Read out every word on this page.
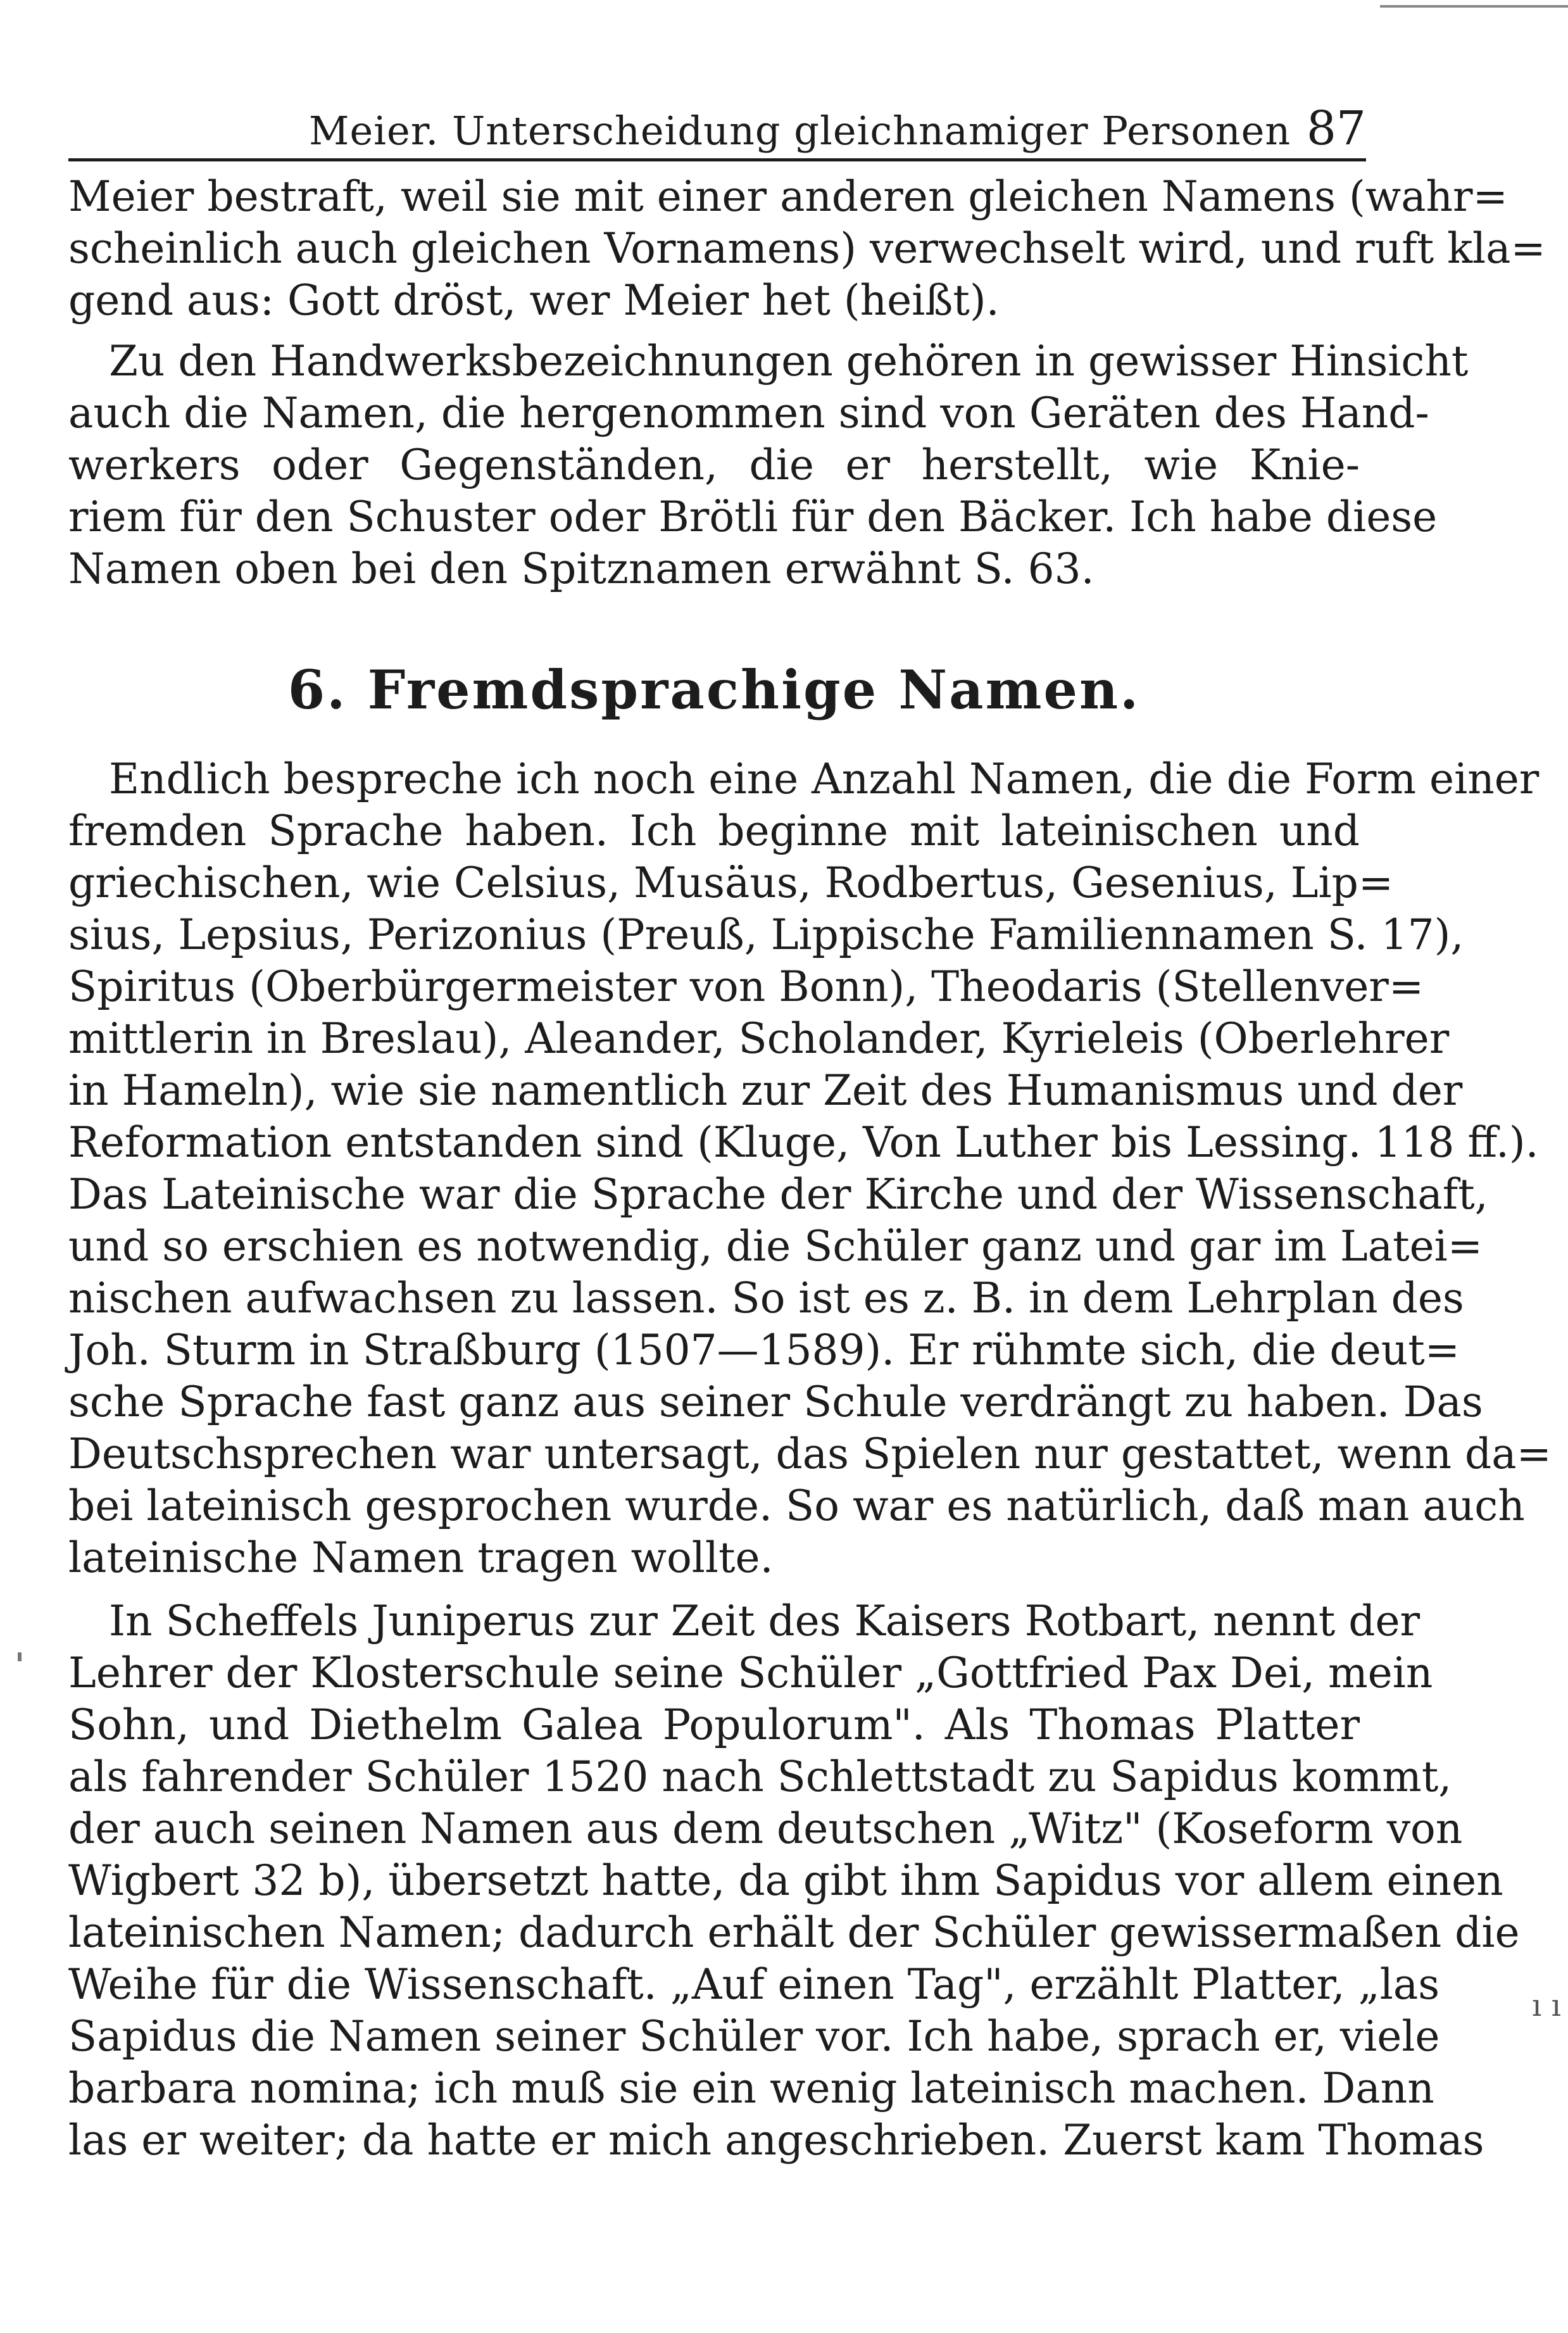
Meier. Unterscheidung gleichnamiger Personen 87
Meier bestraft, weil sie mit einer anderen gleichen Namens (wahr=
scheinlich auch gleichen Vornamens) verwechselt wird, und ruft kla=
gend aus: Gott dröst, wer Meier het (heißt).
Zu den Handwerksbezeichnungen gehören in gewisser Hinsicht
auch die Namen, die hergenommen sind von Geräten des Hand-
werkers oder Gegenständen, die er herstellt, wie Knie-
riem für den Schuster oder Brötli für den Bäcker. Ich habe diese
Namen oben bei den Spitznamen erwähnt S. 63.
6. Fremdsprachige Namen.
Endlich bespreche ich noch eine Anzahl Namen, die die Form einer
fremden Sprache haben. Ich beginne mit lateinischen und
griechischen, wie Celsius, Musäus, Rodbertus, Gesenius, Lip=
sius, Lepsius, Perizonius (Preuß, Lippische Familiennamen S. 17),
Spiritus (Oberbürgermeister von Bonn), Theodaris (Stellenver=
mittlerin in Breslau), Aleander, Scholander, Kyrieleis (Oberlehrer
in Hameln), wie sie namentlich zur Zeit des Humanismus und der
Reformation entstanden sind (Kluge, Von Luther bis Lessing. 118 ff.).
Das Lateinische war die Sprache der Kirche und der Wissenschaft,
und so erschien es notwendig, die Schüler ganz und gar im Latei=
nischen aufwachsen zu lassen. So ist es z. B. in dem Lehrplan des
Joh. Sturm in Straßburg (1507—1589). Er rühmte sich, die deut=
sche Sprache fast ganz aus seiner Schule verdrängt zu haben. Das
Deutschsprechen war untersagt, das Spielen nur gestattet, wenn da=
bei lateinisch gesprochen wurde. So war es natürlich, daß man auch
lateinische Namen tragen wollte.
In Scheffels Juniperus zur Zeit des Kaisers Rotbart, nennt der
Lehrer der Klosterschule seine Schüler „Gottfried Pax Dei, mein
Sohn, und Diethelm Galea Populorum". Als Thomas Platter
als fahrender Schüler 1520 nach Schlettstadt zu Sapidus kommt,
der auch seinen Namen aus dem deutschen „Witz" (Koseform von
Wigbert 32 b), übersetzt hatte, da gibt ihm Sapidus vor allem einen
lateinischen Namen; dadurch erhält der Schüler gewissermaßen die
Weihe für die Wissenschaft. „Auf einen Tag", erzählt Platter, „las
Sapidus die Namen seiner Schüler vor. Ich habe, sprach er, viele
barbara nomina; ich muß sie ein wenig lateinisch machen. Dann
las er weiter; da hatte er mich angeschrieben. Zuerst kam Thomas
ı ı
